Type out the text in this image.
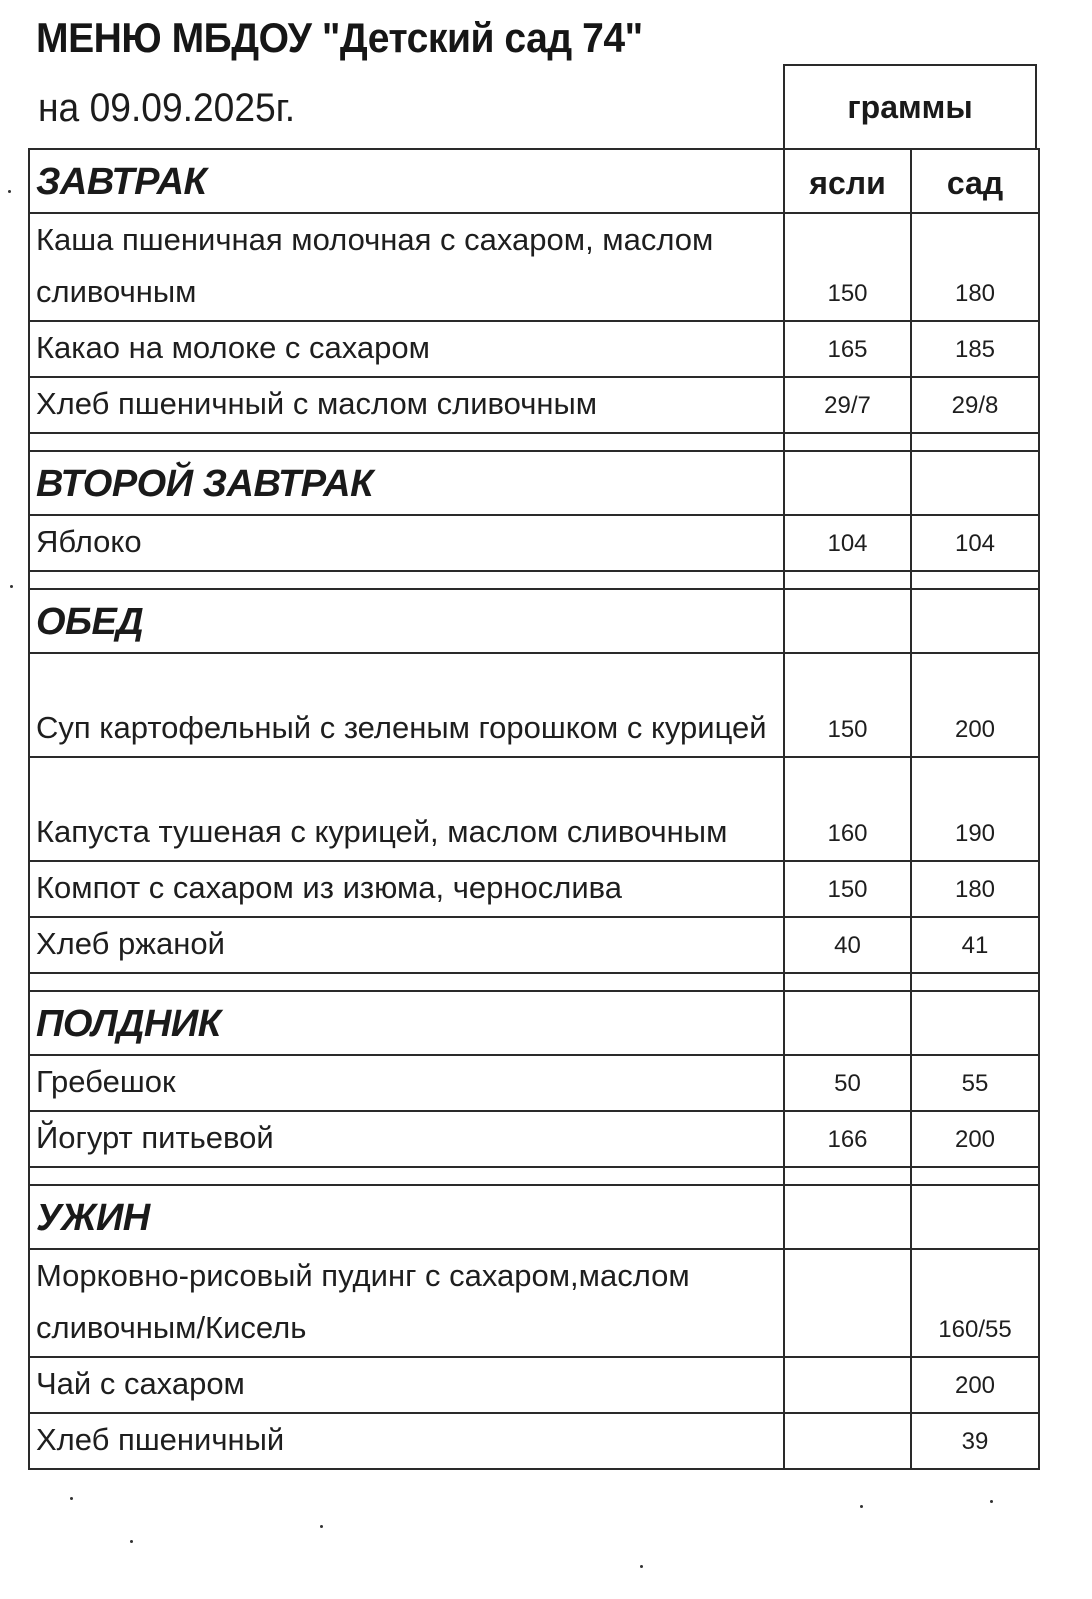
МЕНЮ МБДОУ "Детский сад 74"
на 09.09.2025г.	граммы
ЗАВТРАК	ясли	сад
Каша пшеничная молочная с сахаром, маслом сливочным	150	180
Какао на молоке с сахаром	165	185
Хлеб пшеничный с маслом сливочным	29/7	29/8

ВТОРОЙ ЗАВТРАК		
Яблоко	104	104

ОБЕД		
Суп картофельный с зеленым горошком с курицей	150	200
Капуста тушеная с курицей, маслом сливочным	160	190
Компот с сахаром из изюма, чернослива	150	180
Хлеб ржаной	40	41

ПОЛДНИК		
Гребешок	50	55
Йогурт питьевой	166	200

УЖИН		
Морковно-рисовый пудинг с сахаром,маслом сливочным/Кисель		160/55
Чай с сахаром		200
Хлеб пшеничный		39
